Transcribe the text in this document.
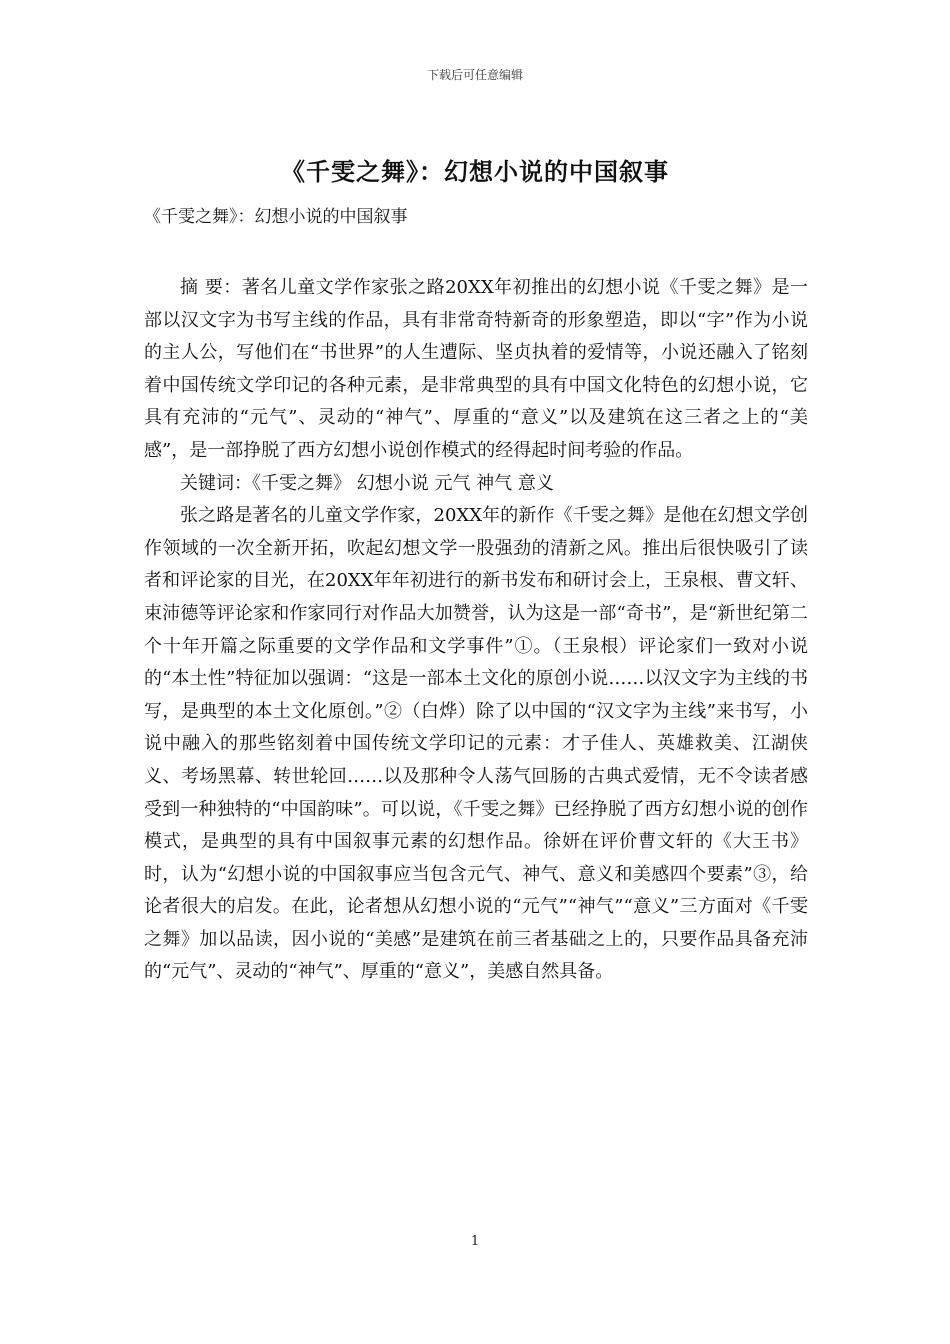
下载后可任意编辑
《千雯之舞》：幻想小说的中国叙事
《千雯之舞》：幻想小说的中国叙事

摘 要：著名儿童文学作家张之路20XX年初推出的幻想小说《千雯之舞》是一部以汉文字为书写主线的作品，具有非常奇特新奇的形象塑造，即以“字”作为小说的主人公，写他们在“书世界”的人生遭际、坚贞执着的爱情等，小说还融入了铭刻着中国传统文学印记的各种元素，是非常典型的具有中国文化特色的幻想小说，它具有充沛的“元气”、灵动的“神气”、厚重的“意义”以及建筑在这三者之上的“美感”，是一部挣脱了西方幻想小说创作模式的经得起时间考验的作品。

关键词：《千雯之舞》 幻想小说 元气 神气 意义

张之路是著名的儿童文学作家，20XX年的新作《千雯之舞》是他在幻想文学创作领域的一次全新开拓，吹起幻想文学一股强劲的清新之风。推出后很快吸引了读者和评论家的目光，在20XX年年初进行的新书发布和研讨会上，王泉根、曹文轩、束沛德等评论家和作家同行对作品大加赞誉，认为这是一部“奇书”，是“新世纪第二个十年开篇之际重要的文学作品和文学事件”①。（王泉根）评论家们一致对小说的“本土性”特征加以强调：“这是一部本土文化的原创小说……以汉文字为主线的书写，是典型的本土文化原创。”②（白烨）除了以中国的“汉文字为主线”来书写，小说中融入的那些铭刻着中国传统文学印记的元素：才子佳人、英雄救美、江湖侠义、考场黑幕、转世轮回……以及那种令人荡气回肠的古典式爱情，无不令读者感受到一种独特的“中国韵味”。可以说，《千雯之舞》已经挣脱了西方幻想小说的创作模式，是典型的具有中国叙事元素的幻想作品。徐妍在评价曹文轩的《大王书》时，认为“幻想小说的中国叙事应当包含元气、神气、意义和美感四个要素”③，给论者很大的启发。在此，论者想从幻想小说的“元气”“神气”“意义”三方面对《千雯之舞》加以品读，因小说的“美感”是建筑在前三者基础之上的，只要作品具备充沛的“元气”、灵动的“神气”、厚重的“意义”，美感自然具备。

1
